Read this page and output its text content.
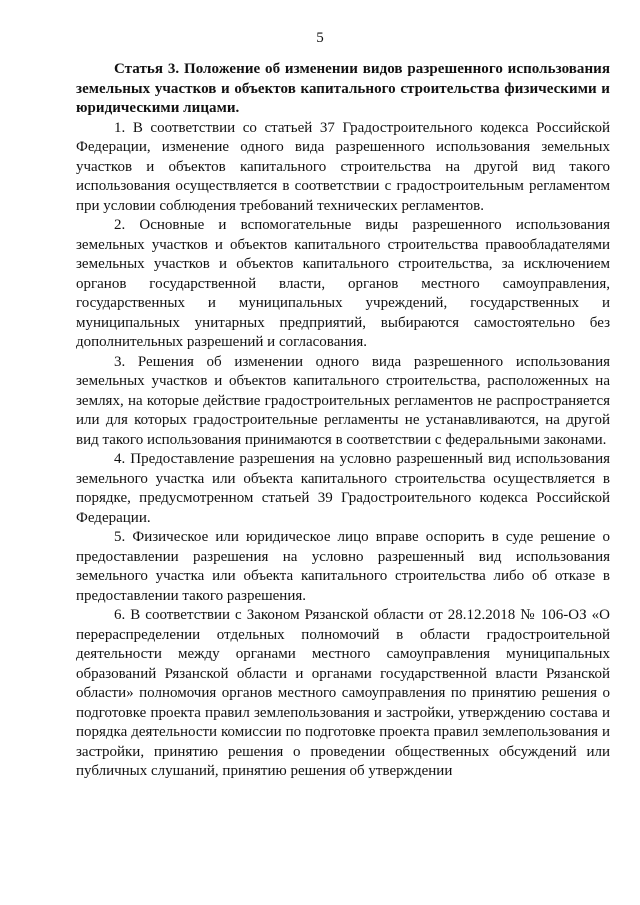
5

Статья 3. Положение об изменении видов разрешенного использования земельных участков и объектов капитального строительства физическими и юридическими лицами.

1. В соответствии со статьей 37 Градостроительного кодекса Российской Федерации, изменение одного вида разрешенного использования земельных участков и объектов капитального строительства на другой вид такого использования осуществляется в соответствии с градостроительным регламентом при условии соблюдения требований технических регламентов.

2. Основные и вспомогательные виды разрешенного использования земельных участков и объектов капитального строительства правообладателями земельных участков и объектов капитального строительства, за исключением органов государственной власти, органов местного самоуправления, государственных и муниципальных учреждений, государственных и муниципальных унитарных предприятий, выбираются самостоятельно без дополнительных разрешений и согласования.

3. Решения об изменении одного вида разрешенного использования земельных участков и объектов капитального строительства, расположенных на землях, на которые действие градостроительных регламентов не распространяется или для которых градостроительные регламенты не устанавливаются, на другой вид такого использования принимаются в соответствии с федеральными законами.

4. Предоставление разрешения на условно разрешенный вид использования земельного участка или объекта капитального строительства осуществляется в порядке, предусмотренном статьей 39 Градостроительного кодекса Российской Федерации.

5. Физическое или юридическое лицо вправе оспорить в суде решение о предоставлении разрешения на условно разрешенный вид использования земельного участка или объекта капитального строительства либо об отказе в предоставлении такого разрешения.

6. В соответствии с Законом Рязанской области от 28.12.2018 № 106-ОЗ «О перераспределении отдельных полномочий в области градостроительной деятельности между органами местного самоуправления муниципальных образований Рязанской области и органами государственной власти Рязанской области» полномочия органов местного самоуправления по принятию решения о подготовке проекта правил землепользования и застройки, утверждению состава и порядка деятельности комиссии по подготовке проекта правил землепользования и застройки, принятию решения о проведении общественных обсуждений или публичных слушаний, принятию решения об утверждении
